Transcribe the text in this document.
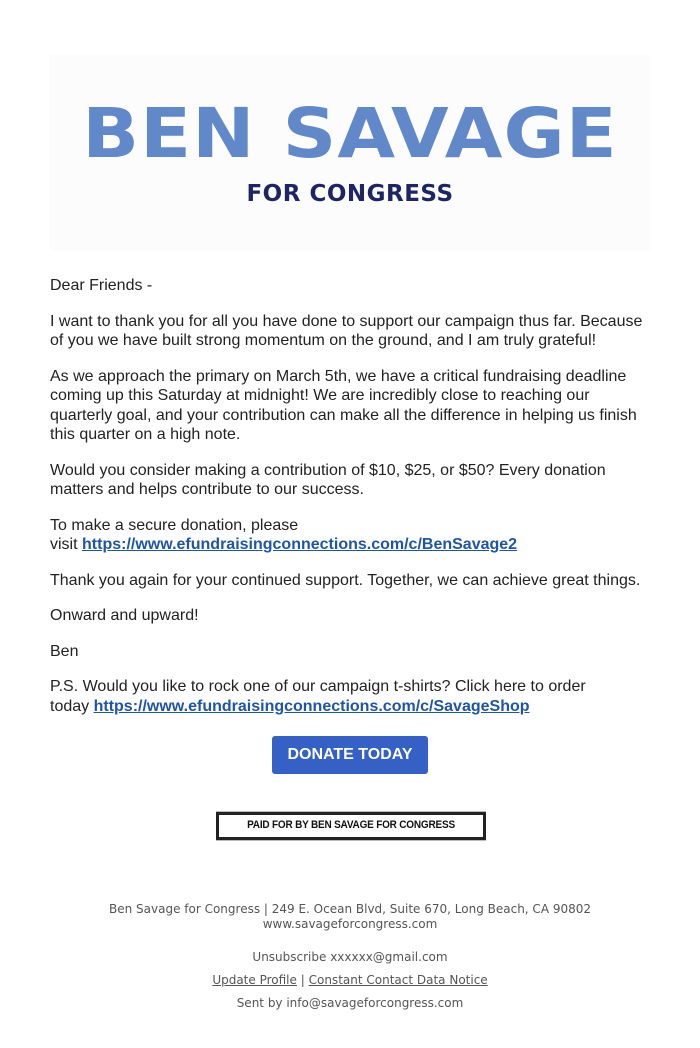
BEN SAVAGE
FOR CONGRESS

Dear Friends -

I want to thank you for all you have done to support our campaign thus far. Because of you we have built strong momentum on the ground, and I am truly grateful!

As we approach the primary on March 5th, we have a critical fundraising deadline coming up this Saturday at midnight! We are incredibly close to reaching our quarterly goal, and your contribution can make all the difference in helping us finish this quarter on a high note.

Would you consider making a contribution of $10, $25, or $50? Every donation matters and helps contribute to our success.

To make a secure donation, please
visit https://www.efundraisingconnections.com/c/BenSavage2

Thank you again for your continued support. Together, we can achieve great things.

Onward and upward!

Ben

P.S. Would you like to rock one of our campaign t-shirts? Click here to order
today https://www.efundraisingconnections.com/c/SavageShop

DONATE TODAY
PAID FOR BY BEN SAVAGE FOR CONGRESS
Ben Savage for Congress | 249 E. Ocean Blvd, Suite 670, Long Beach, CA 90802
www.savageforcongress.com
Unsubscribe xxxxxx@gmail.com
Update Profile | Constant Contact Data Notice
Sent by info@savageforcongress.com
